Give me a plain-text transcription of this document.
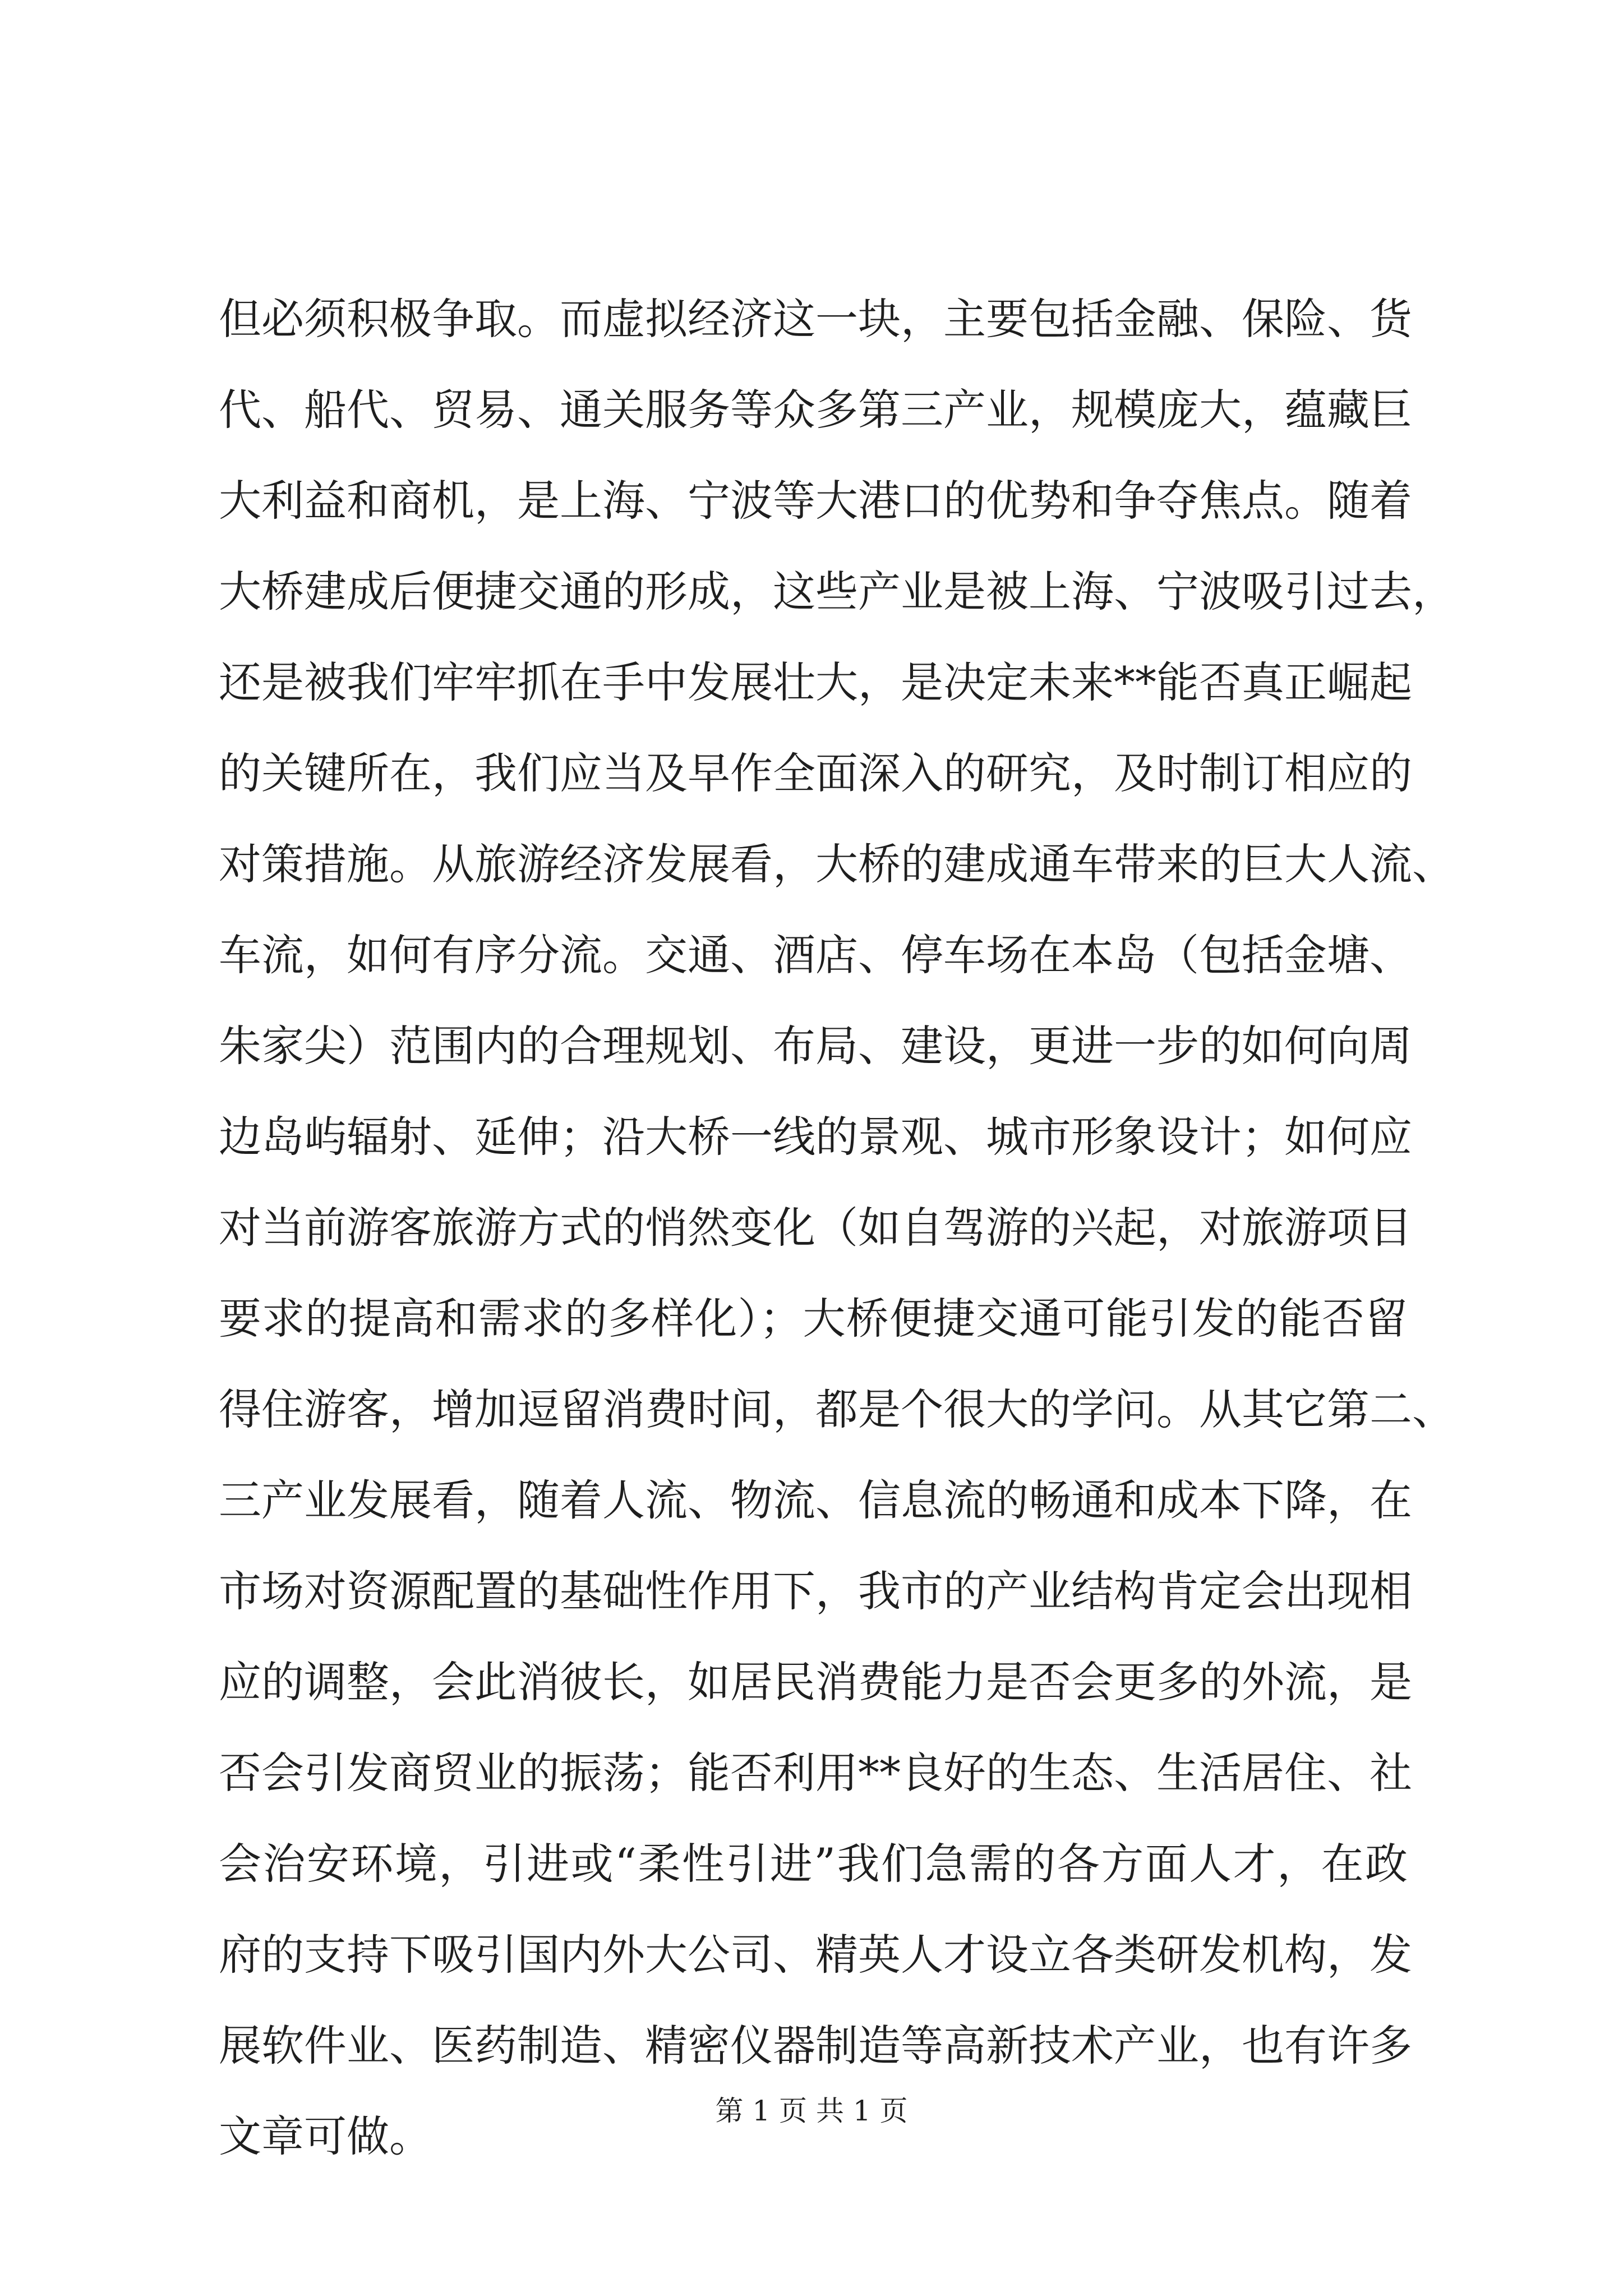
但必须积极争取。而虚拟经济这一块，主要包括金融、保险、货
代、船代、贸易、通关服务等众多第三产业，规模庞大，蕴藏巨
大利益和商机，是上海、宁波等大港口的优势和争夺焦点。随着
大桥建成后便捷交通的形成，这些产业是被上海、宁波吸引过去，
还是被我们牢牢抓在手中发展壮大，是决定未来**能否真正崛起
的关键所在，我们应当及早作全面深入的研究，及时制订相应的
对策措施。从旅游经济发展看，大桥的建成通车带来的巨大人流、
车流，如何有序分流。交通、酒店、停车场在本岛（包括金塘、
朱家尖）范围内的合理规划、布局、建设，更进一步的如何向周
边岛屿辐射、延伸；沿大桥一线的景观、城市形象设计；如何应
对当前游客旅游方式的悄然变化（如自驾游的兴起，对旅游项目
要求的提高和需求的多样化）；大桥便捷交通可能引发的能否留
得住游客，增加逗留消费时间，都是个很大的学问。从其它第二、
三产业发展看，随着人流、物流、信息流的畅通和成本下降，在
市场对资源配置的基础性作用下，我市的产业结构肯定会出现相
应的调整，会此消彼长，如居民消费能力是否会更多的外流，是
否会引发商贸业的振荡；能否利用**良好的生态、生活居住、社
会治安环境，引进或“柔性引进”我们急需的各方面人才，在政
府的支持下吸引国内外大公司、精英人才设立各类研发机构，发
展软件业、医药制造、精密仪器制造等高新技术产业，也有许多
文章可做。
第 1 页 共 1 页
